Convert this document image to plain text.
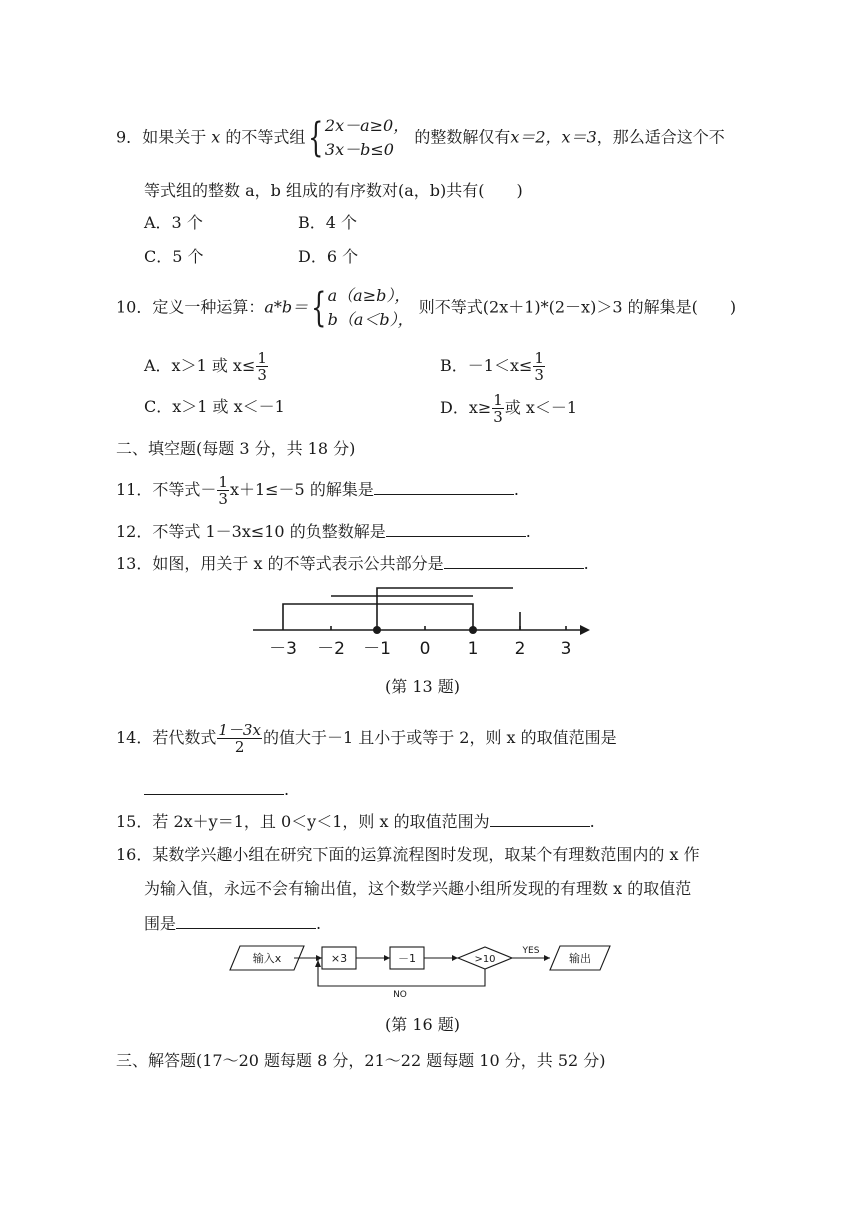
9．如果关于 x 的不等式组{ 2x－a≥0，
3x－b≤0
的整数解仅有x＝2，x＝3，那么适合这个不
等式组的整数 a，b 组成的有序数对(a，b)共有(　　)
A．3 个	B．4 个
C．5 个	D．6 个
10．定义一种运算：a*b＝{ a（a≥b），
b（a＜b），
则不等式(2x＋1)*(2－x)＞3 的解集是(　　)
A．x＞1 或 $x\le \frac{1}{3}$	B．$-1<x\le \frac{1}{3}$
C．x＞1 或 x＜－1	D．$x\ge \frac{1}{3}$ 或 x＜－1
二、填空题(每题 3 分，共 18 分)
11．不等式－ $\frac{1}{3} x+1\le-5$ 的解集是	.
12．不等式 1－3x≤10 的负整数解是	.
13．如图，用关于 x 的不等式表示公共部分是	.
－3 －2 －1 0 1 2 3
(第 13 题)
14．若代数式 $\frac{1-3x}{2}$ 的值大于－1 且小于或等于 2，则 x 的取值范围是
.
15．若 2x＋y＝1，且 0＜y＜1，则 x 的取值范围为	.
16．某数学兴趣小组在研究下面的运算流程图时发现，取某个有理数范围内的 x 作
为输入值，永远不会有输出值，这个数学兴趣小组所发现的有理数 x 的取值范
围是	.
输入x	×3	－1	>10
YES
输出
NO
(第 16 题)
三、解答题(17～20 题每题 8 分，21～22 题每题 10 分，共 52 分)
